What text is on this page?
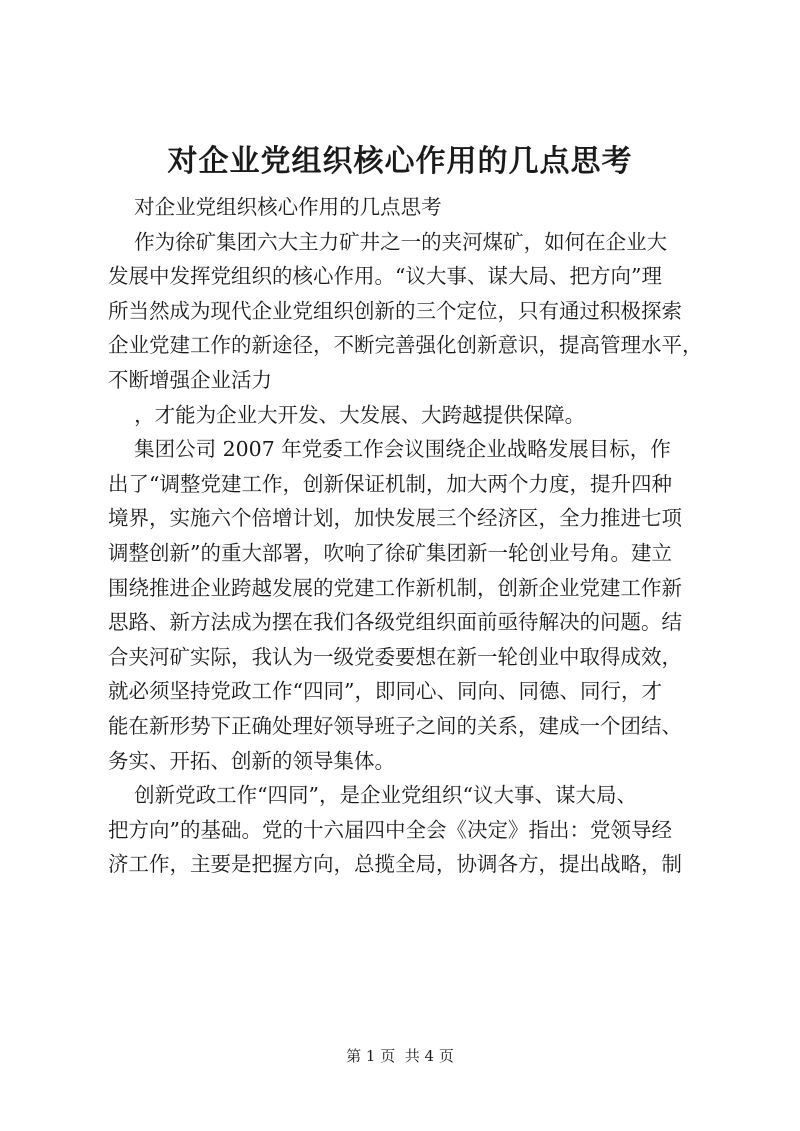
对企业党组织核心作用的几点思考
对企业党组织核心作用的几点思考
作为徐矿集团六大主力矿井之一的夹河煤矿，如何在企业大
发展中发挥党组织的核心作用。“议大事、谋大局、把方向”理
所当然成为现代企业党组织创新的三个定位，只有通过积极探索
企业党建工作的新途径，不断完善强化创新意识，提高管理水平，
不断增强企业活力
，才能为企业大开发、大发展、大跨越提供保障。
集团公司 2007 年党委工作会议围绕企业战略发展目标，作
出了“调整党建工作，创新保证机制，加大两个力度，提升四种
境界，实施六个倍增计划，加快发展三个经济区，全力推进七项
调整创新”的重大部署，吹响了徐矿集团新一轮创业号角。建立
围绕推进企业跨越发展的党建工作新机制，创新企业党建工作新
思路、新方法成为摆在我们各级党组织面前亟待解决的问题。结
合夹河矿实际，我认为一级党委要想在新一轮创业中取得成效，
就必须坚持党政工作“四同”，即同心、同向、同德、同行，才
能在新形势下正确处理好领导班子之间的关系，建成一个团结、
务实、开拓、创新的领导集体。
创新党政工作“四同”，是企业党组织“议大事、谋大局、
把方向”的基础。党的十六届四中全会《决定》指出：党领导经
济工作，主要是把握方向，总揽全局，协调各方，提出战略，制
第 1 页  共 4 页
